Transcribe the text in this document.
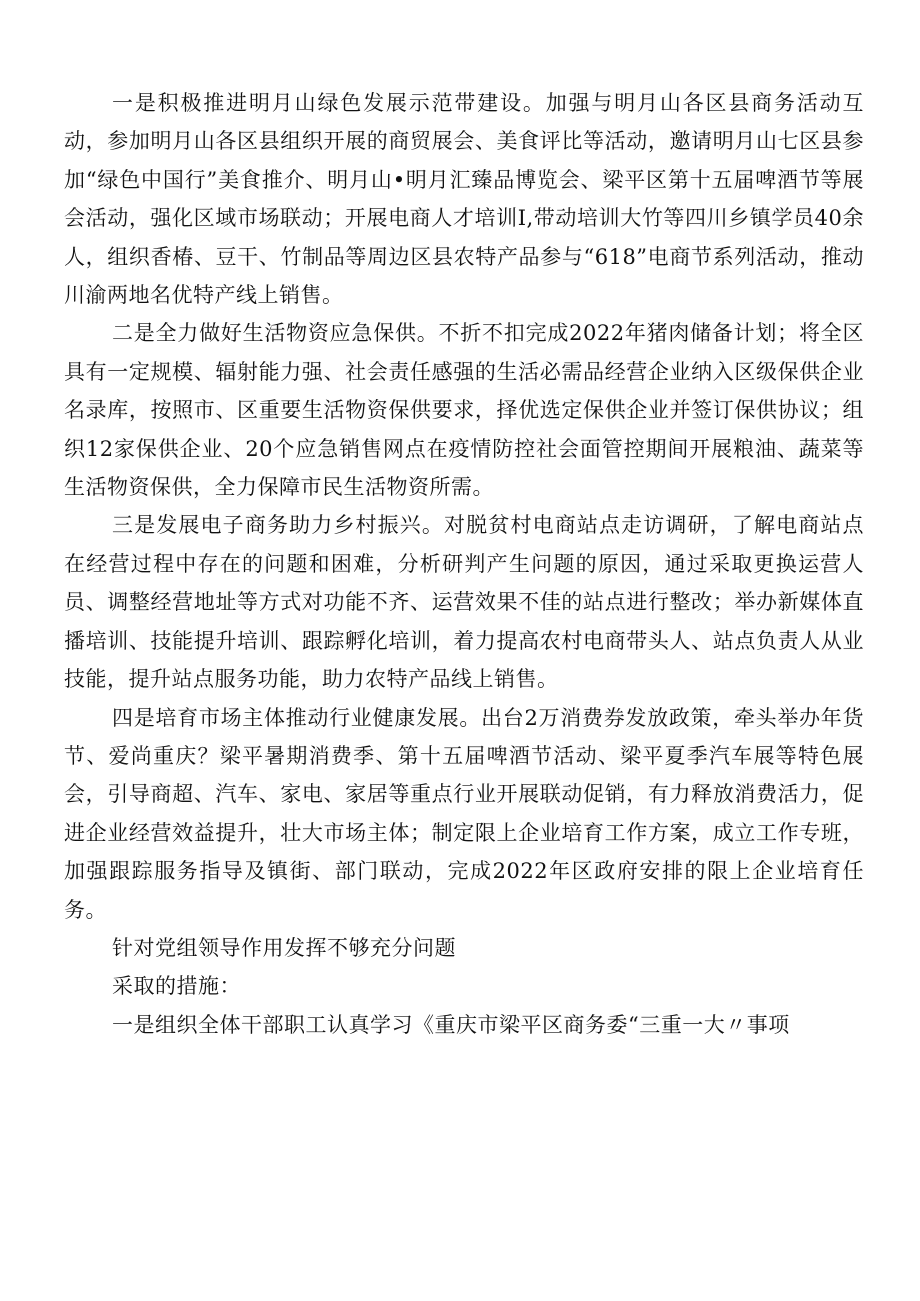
一是积极推进明月山绿色发展示范带建设。加强与明月山各区县商务活动互动，参加明月山各区县组织开展的商贸展会、美食评比等活动，邀请明月山七区县参加“绿色中国行”美食推介、明月山•明月汇臻品博览会、梁平区第十五届啤酒节等展会活动，强化区域市场联动；开展电商人才培训I,带动培训大竹等四川乡镇学员40余人，组织香椿、豆干、竹制品等周边区县农特产品参与“618”电商节系列活动，推动川渝两地名优特产线上销售。

二是全力做好生活物资应急保供。不折不扣完成2022年猪肉储备计划；将全区具有一定规模、辐射能力强、社会责任感强的生活必需品经营企业纳入区级保供企业名录库，按照市、区重要生活物资保供要求，择优选定保供企业并签订保供协议；组织12家保供企业、20个应急销售网点在疫情防控社会面管控期间开展粮油、蔬菜等生活物资保供，全力保障市民生活物资所需。

三是发展电子商务助力乡村振兴。对脱贫村电商站点走访调研，了解电商站点在经营过程中存在的问题和困难，分析研判产生问题的原因，通过采取更换运营人员、调整经营地址等方式对功能不齐、运营效果不佳的站点进行整改；举办新媒体直播培训、技能提升培训、跟踪孵化培训，着力提高农村电商带头人、站点负责人从业技能，提升站点服务功能，助力农特产品线上销售。

四是培育市场主体推动行业健康发展。出台2万消费券发放政策，牵头举办年货节、爱尚重庆？梁平暑期消费季、第十五届啤酒节活动、梁平夏季汽车展等特色展会，引导商超、汽车、家电、家居等重点行业开展联动促销，有力释放消费活力，促进企业经营效益提升，壮大市场主体；制定限上企业培育工作方案，成立工作专班，加强跟踪服务指导及镇街、部门联动，完成2022年区政府安排的限上企业培育任务。

针对党组领导作用发挥不够充分问题

采取的措施：

一是组织全体干部职工认真学习《重庆市梁平区商务委“三重一大〃事项
